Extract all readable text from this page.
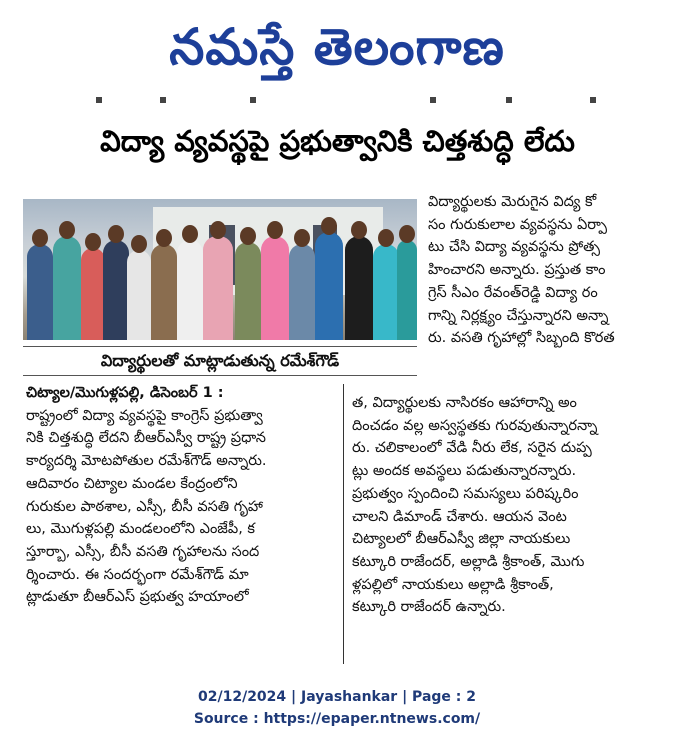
నమస్తే తెలంగాణ
విద్యా వ్యవస్థపై ప్రభుత్వానికి చిత్తశుద్ధి లేదు
విద్యార్థులతో మాట్లాడుతున్న రమేశ్‌గౌడ్‌

విద్యార్థులకు మెరుగైన విద్య కో

సం గురుకులాల వ్యవస్థను ఏర్పా

టు చేసి విద్యా వ్యవస్థను ప్రోత్స

హించారని అన్నారు. ప్రస్తుత కాం

గ్రెస్‌ సీఎం రేవంత్‌రెడ్డి విద్యా రం

గాన్ని నిర్లక్ష్యం చేస్తున్నారని అన్నా

రు. వసతి గృహాల్లో సిబ్బంది కొరత

చిట్యాల/మొగుళ్లపల్లి, డిసెంబర్‌ 1 :

రాష్ట్రంలో విద్యా వ్యవస్థపై కాంగ్రెస్‌ ప్రభుత్వా

నికి చిత్తశుద్ధి లేదని బీఆర్‌ఎస్వీ రాష్ట్ర ప్రధాన

కార్యదర్శి మోటపోతుల రమేశ్‌గౌడ్‌ అన్నారు.

ఆదివారం చిట్యాల మండల కేంద్రంలోని

గురుకుల పాఠశాల, ఎస్సీ, బీసీ వసతి గృహా

లు, మొగుళ్లపల్లి మండలంలోని ఎంజేపీ, క

స్తూర్బా, ఎస్సీ, బీసీ వసతి గృహాలను సంద

ర్శించారు. ఈ సందర్భంగా రమేశ్‌గౌడ్‌ మా

ట్లాడుతూ బీఆర్‌ఎస్‌ ప్రభుత్వ హయాంలో

త, విద్యార్థులకు నాసిరకం ఆహారాన్ని అం

దించడం వల్ల అస్వస్థతకు గురవుతున్నారన్నా

రు. చలికాలంలో వేడి నీరు లేక, సరైన దుప్ప

ట్లు అందక అవస్థలు పడుతున్నారన్నారు.

ప్రభుత్వం స్పందించి సమస్యలు పరిష్కరిం

చాలని డిమాండ్‌ చేశారు. ఆయన వెంట

చిట్యాలలో బీఆర్‌ఎస్వీ జిల్లా నాయకులు

కట్కూరి రాజేందర్‌, అల్లాడి శ్రీకాంత్‌, మొగు

ళ్లపల్లిలో నాయకులు అల్లాడి శ్రీకాంత్‌,

కట్కూరి రాజేందర్‌ ఉన్నారు.

02/12/2024 | Jayashankar | Page : 2
Source : https://epaper.ntnews.com/
